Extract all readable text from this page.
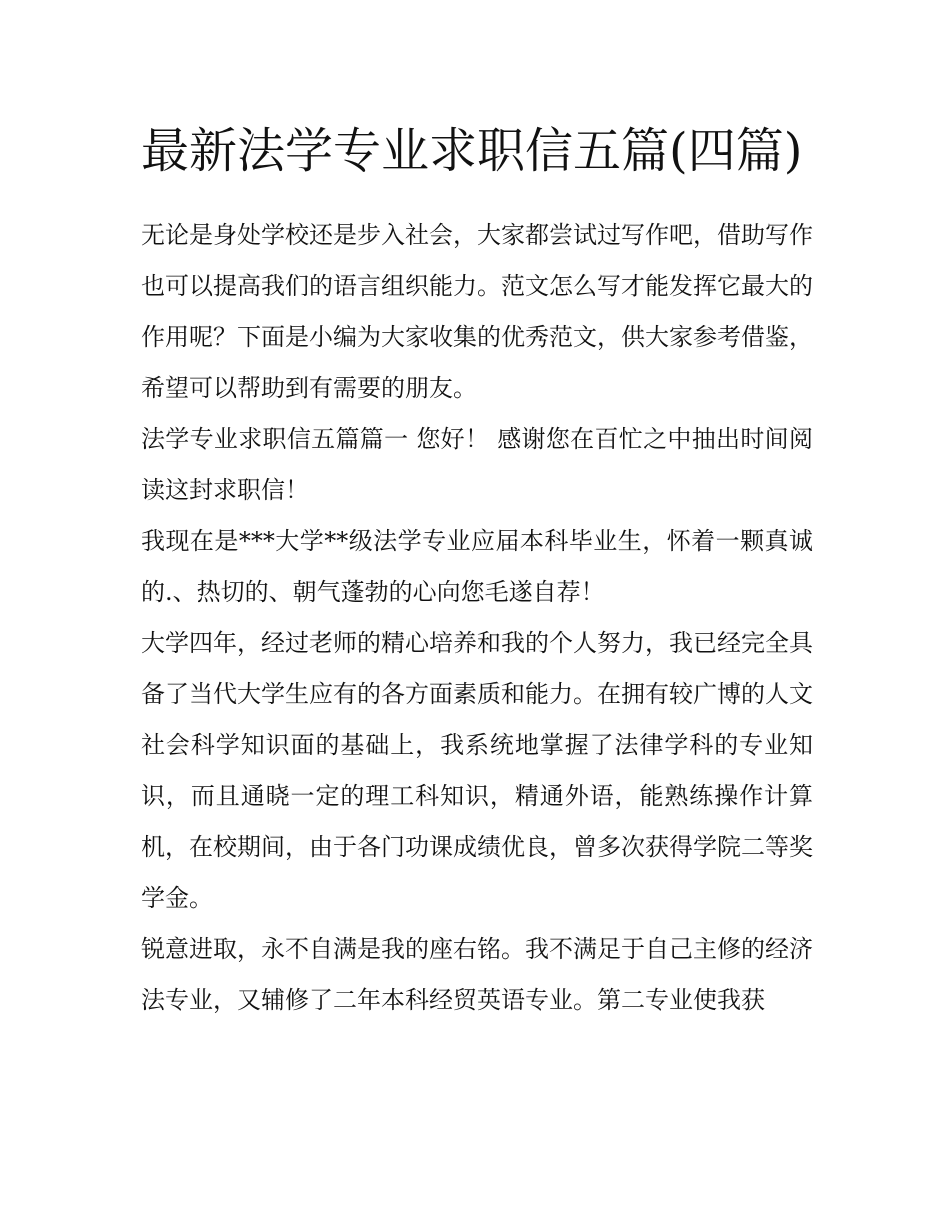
最新法学专业求职信五篇(四篇)

无论是身处学校还是步入社会，大家都尝试过写作吧，借助写作也可以提高我们的语言组织能力。范文怎么写才能发挥它最大的作用呢？下面是小编为大家收集的优秀范文，供大家参考借鉴，希望可以帮助到有需要的朋友。

法学专业求职信五篇篇一 您好！ 感谢您在百忙之中抽出时间阅读这封求职信！

我现在是***大学**级法学专业应届本科毕业生，怀着一颗真诚的.、热切的、朝气蓬勃的心向您毛遂自荐！

大学四年，经过老师的精心培养和我的个人努力，我已经完全具备了当代大学生应有的各方面素质和能力。在拥有较广博的人文社会科学知识面的基础上，我系统地掌握了法律学科的专业知识，而且通晓一定的理工科知识，精通外语，能熟练操作计算机，在校期间，由于各门功课成绩优良，曾多次获得学院二等奖学金。

锐意进取，永不自满是我的座右铭。我不满足于自己主修的经济法专业，又辅修了二年本科经贸英语专业。第二专业使我获
